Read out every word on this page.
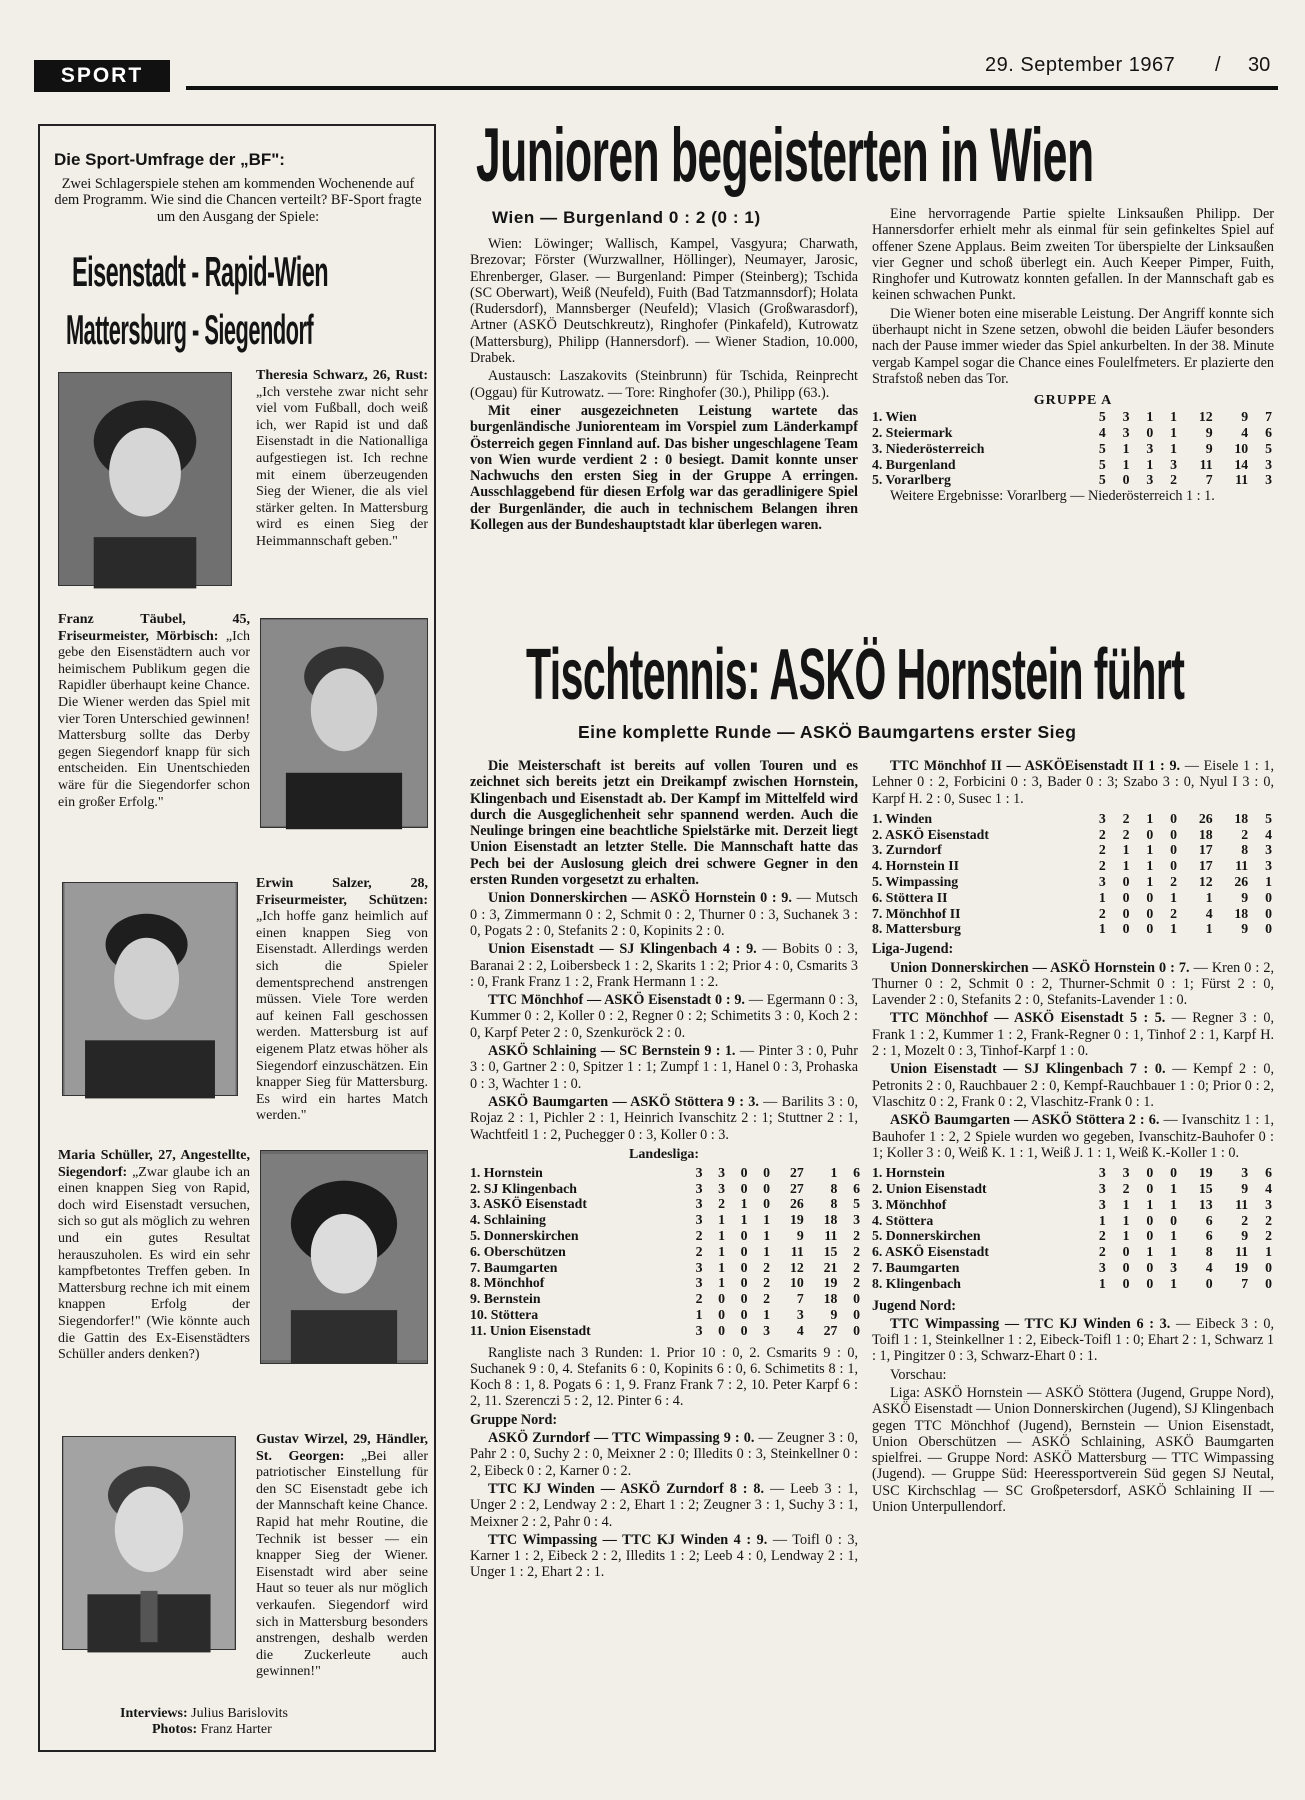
SPORT	29. September 1967 / 30
Die Sport-Umfrage der „BF":
Zwei Schlagerspiele stehen am kommenden Wochenende auf dem Programm. Wie sind die Chancen verteilt? BF-Sport fragte um den Ausgang der Spiele:
Eisenstadt - Rapid-Wien
Mattersburg - Siegendorf

Theresia Schwarz, 26, Rust: „Ich verstehe zwar nicht sehr viel vom Fußball, doch weiß ich, wer Rapid ist und daß Eisenstadt in die Nationalliga aufgestiegen ist. Ich rechne mit einem überzeugenden Sieg der Wiener, die als viel stärker gelten. In Mattersburg wird es einen Sieg der Heimmannschaft geben."

Franz Täubel, 45, Friseurmeister, Mörbisch: „Ich gebe den Eisenstädtern auch vor heimischem Publikum gegen die Rapidler überhaupt keine Chance. Die Wiener werden das Spiel mit vier Toren Unterschied gewinnen! Mattersburg sollte das Derby gegen Siegendorf knapp für sich entscheiden. Ein Unentschieden wäre für die Siegendorfer schon ein großer Erfolg."

Erwin Salzer, 28, Friseurmeister, Schützen: „Ich hoffe ganz heimlich auf einen knappen Sieg von Eisenstadt. Allerdings werden sich die Spieler dementsprechend anstrengen müssen. Viele Tore werden auf keinen Fall geschossen werden. Mattersburg ist auf eigenem Platz etwas höher als Siegendorf einzuschätzen. Ein knapper Sieg für Mattersburg. Es wird ein hartes Match werden."

Maria Schüller, 27, Angestellte, Siegendorf: „Zwar glaube ich an einen knappen Sieg von Rapid, doch wird Eisenstadt versuchen, sich so gut als möglich zu wehren und ein gutes Resultat herauszuholen. Es wird ein sehr kampfbetontes Treffen geben. In Mattersburg rechne ich mit einem knappen Erfolg der Siegendorfer!" (Wie könnte auch die Gattin des Ex-Eisenstädters Schüller anders denken?)

Gustav Wirzel, 29, Händler, St. Georgen: „Bei aller patriotischer Einstellung für den SC Eisenstadt gebe ich der Mannschaft keine Chance. Rapid hat mehr Routine, die Technik ist besser — ein knapper Sieg der Wiener. Eisenstadt wird aber seine Haut so teuer als nur möglich verkaufen. Siegendorf wird sich in Mattersburg besonders anstrengen, deshalb werden die Zuckerleute auch gewinnen!"

Interviews: Julius Barislovits
Photos: Franz Harter
Junioren begeisterten in Wien
Wien — Burgenland 0 : 2 (0 : 1)

Wien: Löwinger; Wallisch, Kampel, Vasgyura; Charwath, Brezovar; Förster (Wurzwallner, Höllinger), Neumayer, Jarosic, Ehrenberger, Glaser. — Burgenland: Pimper (Steinberg); Tschida (SC Oberwart), Weiß (Neufeld), Fuith (Bad Tatzmannsdorf); Holata (Rudersdorf), Mannsberger (Neufeld); Vlasich (Großwarasdorf), Artner (ASKÖ Deutschkreutz), Ringhofer (Pinkafeld), Kutrowatz (Mattersburg), Philipp (Hannersdorf). — Wiener Stadion, 10.000, Drabek.

Austausch: Laszakovits (Steinbrunn) für Tschida, Reinprecht (Oggau) für Kutrowatz. — Tore: Ringhofer (30.), Philipp (63.).

Mit einer ausgezeichneten Leistung wartete das burgenländische Juniorenteam im Vorspiel zum Länderkampf Österreich gegen Finnland auf. Das bisher ungeschlagene Team von Wien wurde verdient 2 : 0 besiegt. Damit konnte unser Nachwuchs den ersten Sieg in der Gruppe A erringen. Ausschlaggebend für diesen Erfolg war das geradlinigere Spiel der Burgenländer, die auch in technischem Belangen ihren Kollegen aus der Bundeshauptstadt klar überlegen waren.

Eine hervorragende Partie spielte Linksaußen Philipp. Der Hannersdorfer erhielt mehr als einmal für sein gefinkeltes Spiel auf offener Szene Applaus. Beim zweiten Tor überspielte der Linksaußen vier Gegner und schoß überlegt ein. Auch Keeper Pimper, Fuith, Ringhofer und Kutrowatz konnten gefallen. In der Mannschaft gab es keinen schwachen Punkt.

Die Wiener boten eine miserable Leistung. Der Angriff konnte sich überhaupt nicht in Szene setzen, obwohl die beiden Läufer besonders nach der Pause immer wieder das Spiel ankurbelten. In der 38. Minute vergab Kampel sogar die Chance eines Foulelfmeters. Er plazierte den Strafstoß neben das Tor.

GRUPPE A
1. Wien	5	3	1	1	12	9	7
2. Steiermark	4	3	0	1	9	4	6
3. Niederösterreich	5	1	3	1	9	10	5
4. Burgenland	5	1	1	3	11	14	3
5. Vorarlberg	5	0	3	2	7	11	3

Weitere Ergebnisse: Vorarlberg — Niederösterreich 1 : 1.

Tischtennis: ASKÖ Hornstein führt
Eine komplette Runde — ASKÖ Baumgartens erster Sieg

Die Meisterschaft ist bereits auf vollen Touren und es zeichnet sich bereits jetzt ein Dreikampf zwischen Hornstein, Klingenbach und Eisenstadt ab. Der Kampf im Mittelfeld wird durch die Ausgeglichenheit sehr spannend werden. Auch die Neulinge bringen eine beachtliche Spielstärke mit. Derzeit liegt Union Eisenstadt an letzter Stelle. Die Mannschaft hatte das Pech bei der Auslosung gleich drei schwere Gegner in den ersten Runden vorgesetzt zu erhalten.

Union Donnerskirchen — ASKÖ Hornstein 0 : 9. — Mutsch 0 : 3, Zimmermann 0 : 2, Schmit 0 : 2, Thurner 0 : 3, Suchanek 3 : 0, Pogats 2 : 0, Stefanits 2 : 0, Kopinits 2 : 0.

Union Eisenstadt — SJ Klingenbach 4 : 9. — Bobits 0 : 3, Baranai 2 : 2, Loibersbeck 1 : 2, Skarits 1 : 2; Prior 4 : 0, Csmarits 3 : 0, Frank Franz 1 : 2, Frank Hermann 1 : 2.

TTC Mönchhof — ASKÖ Eisenstadt 0 : 9. — Egermann 0 : 3, Kummer 0 : 2, Koller 0 : 2, Regner 0 : 2; Schimetits 3 : 0, Koch 2 : 0, Karpf Peter 2 : 0, Szenkuröck 2 : 0.

ASKÖ Schlaining — SC Bernstein 9 : 1. — Pinter 3 : 0, Puhr 3 : 0, Gartner 2 : 0, Spitzer 1 : 1; Zumpf 1 : 1, Hanel 0 : 3, Prohaska 0 : 3, Wachter 1 : 0.

ASKÖ Baumgarten — ASKÖ Stöttera 9 : 3. — Barilits 3 : 0, Rojaz 2 : 1, Pichler 2 : 1, Heinrich Ivanschitz 2 : 1; Stuttner 2 : 1, Wachtfeitl 1 : 2, Puchegger 0 : 3, Koller 0 : 3.

Landesliga:
1. Hornstein	3	3	0	0	27	1	6
2. SJ Klingenbach	3	3	0	0	27	8	6
3. ASKÖ Eisenstadt	3	2	1	0	26	8	5
4. Schlaining	3	1	1	1	19	18	3
5. Donnerskirchen	2	1	0	1	9	11	2
6. Oberschützen	2	1	0	1	11	15	2
7. Baumgarten	3	1	0	2	12	21	2
8. Mönchhof	3	1	0	2	10	19	2
9. Bernstein	2	0	0	2	7	18	0
10. Stöttera	1	0	0	1	3	9	0
11. Union Eisenstadt	3	0	0	3	4	27	0

Rangliste nach 3 Runden: 1. Prior 10 : 0, 2. Csmarits 9 : 0, Suchanek 9 : 0, 4. Stefanits 6 : 0, Kopinits 6 : 0, 6. Schimetits 8 : 1, Koch 8 : 1, 8. Pogats 6 : 1, 9. Franz Frank 7 : 2, 10. Peter Karpf 6 : 2, 11. Szerenczi 5 : 2, 12. Pinter 6 : 4.

Gruppe Nord:

ASKÖ Zurndorf — TTC Wimpassing 9 : 0. — Zeugner 3 : 0, Pahr 2 : 0, Suchy 2 : 0, Meixner 2 : 0; Illedits 0 : 3, Steinkellner 0 : 2, Eibeck 0 : 2, Karner 0 : 2.

TTC KJ Winden — ASKÖ Zurndorf 8 : 8. — Leeb 3 : 1, Unger 2 : 2, Lendway 2 : 2, Ehart 1 : 2; Zeugner 3 : 1, Suchy 3 : 1, Meixner 2 : 2, Pahr 0 : 4.

TTC Wimpassing — TTC KJ Winden 4 : 9. — Toifl 0 : 3, Karner 1 : 2, Eibeck 2 : 2, Illedits 1 : 2; Leeb 4 : 0, Lendway 2 : 1, Unger 1 : 2, Ehart 2 : 1.

TTC Mönchhof II — ASKÖEisenstadt II 1 : 9. — Eisele 1 : 1, Lehner 0 : 2, Forbicini 0 : 3, Bader 0 : 3; Szabo 3 : 0, Nyul I 3 : 0, Karpf H. 2 : 0, Susec 1 : 1.

1. Winden	3	2	1	0	26	18	5
2. ASKÖ Eisenstadt	2	2	0	0	18	2	4
3. Zurndorf	2	1	1	0	17	8	3
4. Hornstein II	2	1	1	0	17	11	3
5. Wimpassing	3	0	1	2	12	26	1
6. Stöttera II	1	0	0	1	1	9	0
7. Mönchhof II	2	0	0	2	4	18	0
8. Mattersburg	1	0	0	1	1	9	0

Liga-Jugend:

Union Donnerskirchen — ASKÖ Hornstein 0 : 7. — Kren 0 : 2, Thurner 0 : 2, Schmit 0 : 2, Thurner-Schmit 0 : 1; Fürst 2 : 0, Lavender 2 : 0, Stefanits 2 : 0, Stefanits-Lavender 1 : 0.

TTC Mönchhof — ASKÖ Eisenstadt 5 : 5. — Regner 3 : 0, Frank 1 : 2, Kummer 1 : 2, Frank-Regner 0 : 1, Tinhof 2 : 1, Karpf H. 2 : 1, Mozelt 0 : 3, Tinhof-Karpf 1 : 0.

Union Eisenstadt — SJ Klingenbach 7 : 0. — Kempf 2 : 0, Petronits 2 : 0, Rauchbauer 2 : 0, Kempf-Rauchbauer 1 : 0; Prior 0 : 2, Vlaschitz 0 : 2, Frank 0 : 2, Vlaschitz-Frank 0 : 1.

ASKÖ Baumgarten — ASKÖ Stöttera 2 : 6. — Ivanschitz 1 : 1, Bauhofer 1 : 2, 2 Spiele wurden wo gegeben, Ivanschitz-Bauhofer 0 : 1; Koller 3 : 0, Weiß K. 1 : 1, Weiß J. 1 : 1, Weiß K.-Koller 1 : 0.

1. Hornstein	3	3	0	0	19	3	6
2. Union Eisenstadt	3	2	0	1	15	9	4
3. Mönchhof	3	1	1	1	13	11	3
4. Stöttera	1	1	0	0	6	2	2
5. Donnerskirchen	2	1	0	1	6	9	2
6. ASKÖ Eisenstadt	2	0	1	1	8	11	1
7. Baumgarten	3	0	0	3	4	19	0
8. Klingenbach	1	0	0	1	0	7	0

Jugend Nord:

TTC Wimpassing — TTC KJ Winden 6 : 3. — Eibeck 3 : 0, Toifl 1 : 1, Steinkellner 1 : 2, Eibeck-Toifl 1 : 0; Ehart 2 : 1, Schwarz 1 : 1, Pingitzer 0 : 3, Schwarz-Ehart 0 : 1.

Vorschau:

Liga: ASKÖ Hornstein — ASKÖ Stöttera (Jugend, Gruppe Nord), ASKÖ Eisenstadt — Union Donnerskirchen (Jugend), SJ Klingenbach gegen TTC Mönchhof (Jugend), Bernstein — Union Eisenstadt, Union Oberschützen — ASKÖ Schlaining, ASKÖ Baumgarten spielfrei. — Gruppe Nord: ASKÖ Mattersburg — TTC Wimpassing (Jugend). — Gruppe Süd: Heeressportverein Süd gegen SJ Neutal, USC Kirchschlag — SC Großpetersdorf, ASKÖ Schlaining II — Union Unterpullendorf.
